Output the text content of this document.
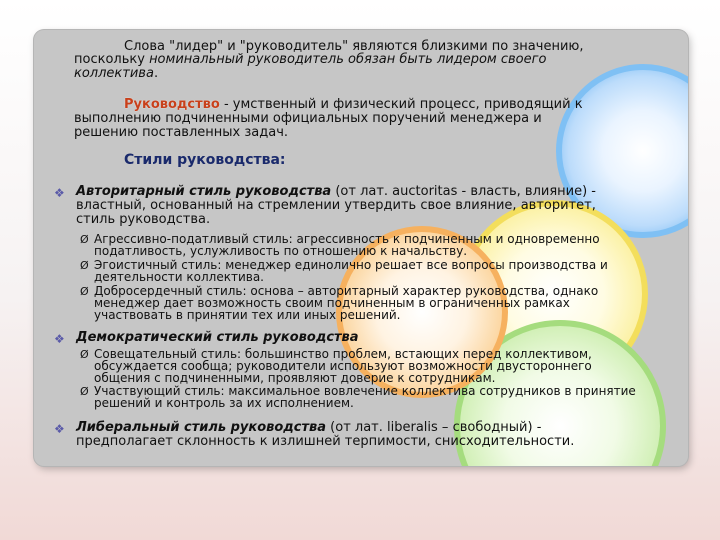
Слова "лидер" и "руководитель" являются близкими по значению,

поскольку номинальный руководитель обязан быть лидером своего

коллектива.

Руководство - умственный и физический процесс, приводящий к

выполнению подчиненными официальных поручений менеджера и

решению поставленных задач.

Стили руководства:

❖ Авторитарный стиль руководства (от лат. auctoritas - власть, влияние) -

властный, основанный на стремлении утвердить свое влияние, авторитет,

стиль руководства.

Ø Агрессивно-податливый стиль: агрессивность к подчиненным и одновременно

податливость, услужливость по отношению к начальству.

Ø Эгоистичный стиль: менеджер единолично решает все вопросы производства и

деятельности коллектива.

Ø Добросердечный стиль: основа – авторитарный характер руководства, однако

менеджер дает возможность своим подчиненным в ограниченных рамках

участвовать в принятии тех или иных решений.

❖ Демократический стиль руководства

Ø Совещательный стиль: большинство проблем, встающих перед коллективом,

обсуждается сообща; руководители используют возможности двустороннего

общения с подчиненными, проявляют доверие к сотрудникам.

Ø Участвующий стиль: максимальное вовлечение коллектива сотрудников в принятие

решений и контроль за их исполнением.

❖ Либеральный стиль руководства (от лат. liberalis – свободный) -

предполагает склонность к излишней терпимости, снисходительности.
